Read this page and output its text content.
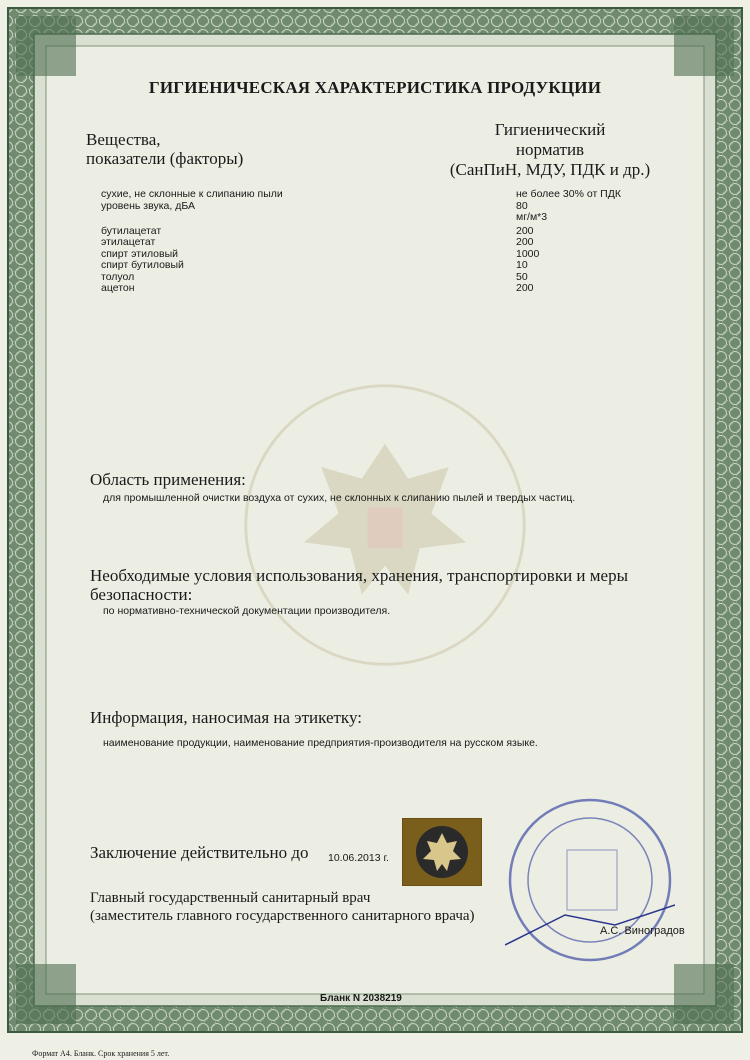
ГИГИЕНИЧЕСКАЯ ХАРАКТЕРИСТИКА ПРОДУКЦИИ
Вещества,
показатели (факторы)
Гигиенический
норматив
(СанПиН, МДУ, ПДК и др.)
сухие, не склонные к слипанию пыли	не более 30% от ПДК
уровень звука, дБА	80
мг/м*3
бутилацетат	200
этилацетат	200
спирт этиловый	1000
спирт бутиловый	10
толуол	50
ацетон	200
Область применения:
для промышленной очистки воздуха от сухих, не склонных к слипанию пылей и твердых частиц.
Необходимые условия использования, хранения, транспортировки и меры
безопасности:
по нормативно-технической документации производителя.
Информация, наносимая на этикетку:
наименование продукции, наименование предприятия-производителя на русском языке.
Заключение действительно до 10.06.2013 г.
Главный государственный санитарный врач
(заместитель главного государственного санитарного врача)
А.С. Виноградов
Бланк N 2038219
Формат А4. Бланк. Срок хранения 5 лет.
